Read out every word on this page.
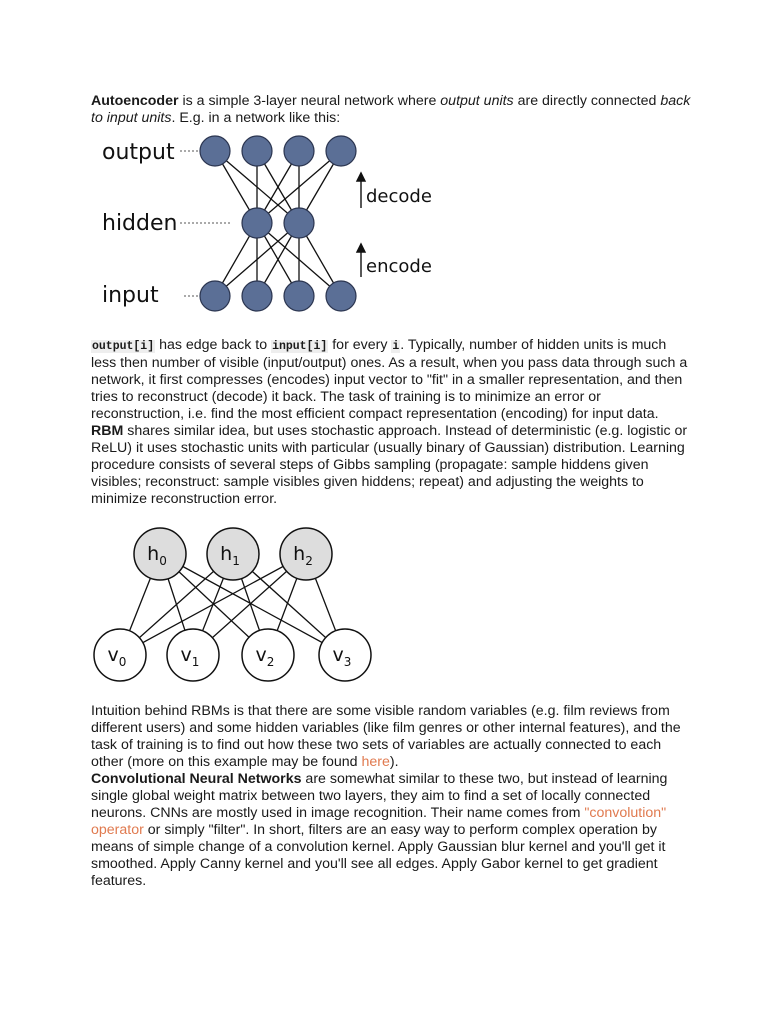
Autoencoder is a simple 3-layer neural network where output units are directly connected back to input units. E.g. in a network like this:

output
hidden
input
decode
encode

output[i] has edge back to input[i] for every i. Typically, number of hidden units is much less then number of visible (input/output) ones. As a result, when you pass data through such a network, it first compresses (encodes) input vector to "fit" in a smaller representation, and then tries to reconstruct (decode) it back. The task of training is to minimize an error or reconstruction, i.e. find the most efficient compact representation (encoding) for input data.
RBM shares similar idea, but uses stochastic approach. Instead of deterministic (e.g. logistic or ReLU) it uses stochastic units with particular (usually binary of Gaussian) distribution. Learning procedure consists of several steps of Gibbs sampling (propagate: sample hiddens given visibles; reconstruct: sample visibles given hiddens; repeat) and adjusting the weights to minimize reconstruction error.

$h_0$	$h_1$	$h_2$
$v_0$	$v_1$	$v_2$	$v_3$

Intuition behind RBMs is that there are some visible random variables (e.g. film reviews from different users) and some hidden variables (like film genres or other internal features), and the task of training is to find out how these two sets of variables are actually connected to each other (more on this example may be found here).
Convolutional Neural Networks are somewhat similar to these two, but instead of learning single global weight matrix between two layers, they aim to find a set of locally connected neurons. CNNs are mostly used in image recognition. Their name comes from "convolution" operator or simply "filter". In short, filters are an easy way to perform complex operation by means of simple change of a convolution kernel. Apply Gaussian blur kernel and you'll get it smoothed. Apply Canny kernel and you'll see all edges. Apply Gabor kernel to get gradient features.
